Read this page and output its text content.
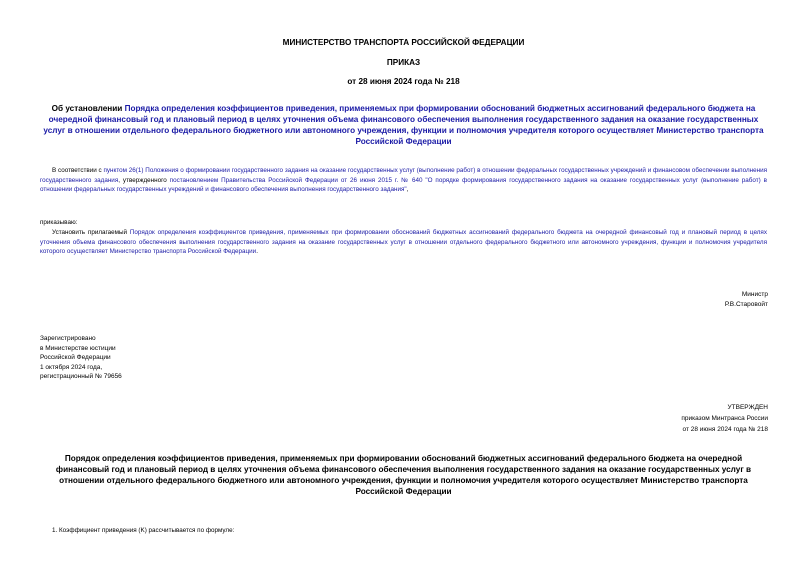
МИНИСТЕРСТВО ТРАНСПОРТА РОССИЙСКОЙ ФЕДЕРАЦИИ
ПРИКАЗ
от 28 июня 2024 года № 218
Об установлении Порядка определения коэффициентов приведения, применяемых при формировании обоснований бюджетных ассигнований федерального бюджета на очередной финансовый год и плановый период в целях уточнения объема финансового обеспечения выполнения государственного задания на оказание государственных услуг в отношении отдельного федерального бюджетного или автономного учреждения, функции и полномочия учредителя которого осуществляет Министерство транспорта Российской Федерации
В соответствии с пунктом 26(1) Положения о формировании государственного задания на оказание государственных услуг (выполнение работ) в отношении федеральных государственных учреждений и финансовом обеспечении выполнения государственного задания, утвержденного постановлением Правительства Российской Федерации от 26 июня 2015 г. № 640 "О порядке формирования государственного задания на оказание государственных услуг (выполнение работ) в отношении федеральных государственных учреждений и финансового обеспечения выполнения государственного задания",
приказываю:
Установить прилагаемый Порядок определения коэффициентов приведения, применяемых при формировании обоснований бюджетных ассигнований федерального бюджета на очередной финансовый год и плановый период в целях уточнения объема финансового обеспечения выполнения государственного задания на оказание государственных услуг в отношении отдельного федерального бюджетного или автономного учреждения, функции и полномочия учредителя которого осуществляет Министерство транспорта Российской Федерации.
Министр
Р.В.Старовойт
Зарегистрировано
в Министерстве юстиции
Российской Федерации
1 октября 2024 года,
регистрационный № 79656
УТВЕРЖДЕН
приказом Минтранса России
от 28 июня 2024 года № 218
Порядок определения коэффициентов приведения, применяемых при формировании обоснований бюджетных ассигнований федерального бюджета на очередной финансовый год и плановый период в целях уточнения объема финансового обеспечения выполнения государственного задания на оказание государственных услуг в отношении отдельного федерального бюджетного или автономного учреждения, функции и полномочия учредителя которого осуществляет Министерство транспорта Российской Федерации
1. Коэффициент приведения (K) рассчитывается по формуле:
